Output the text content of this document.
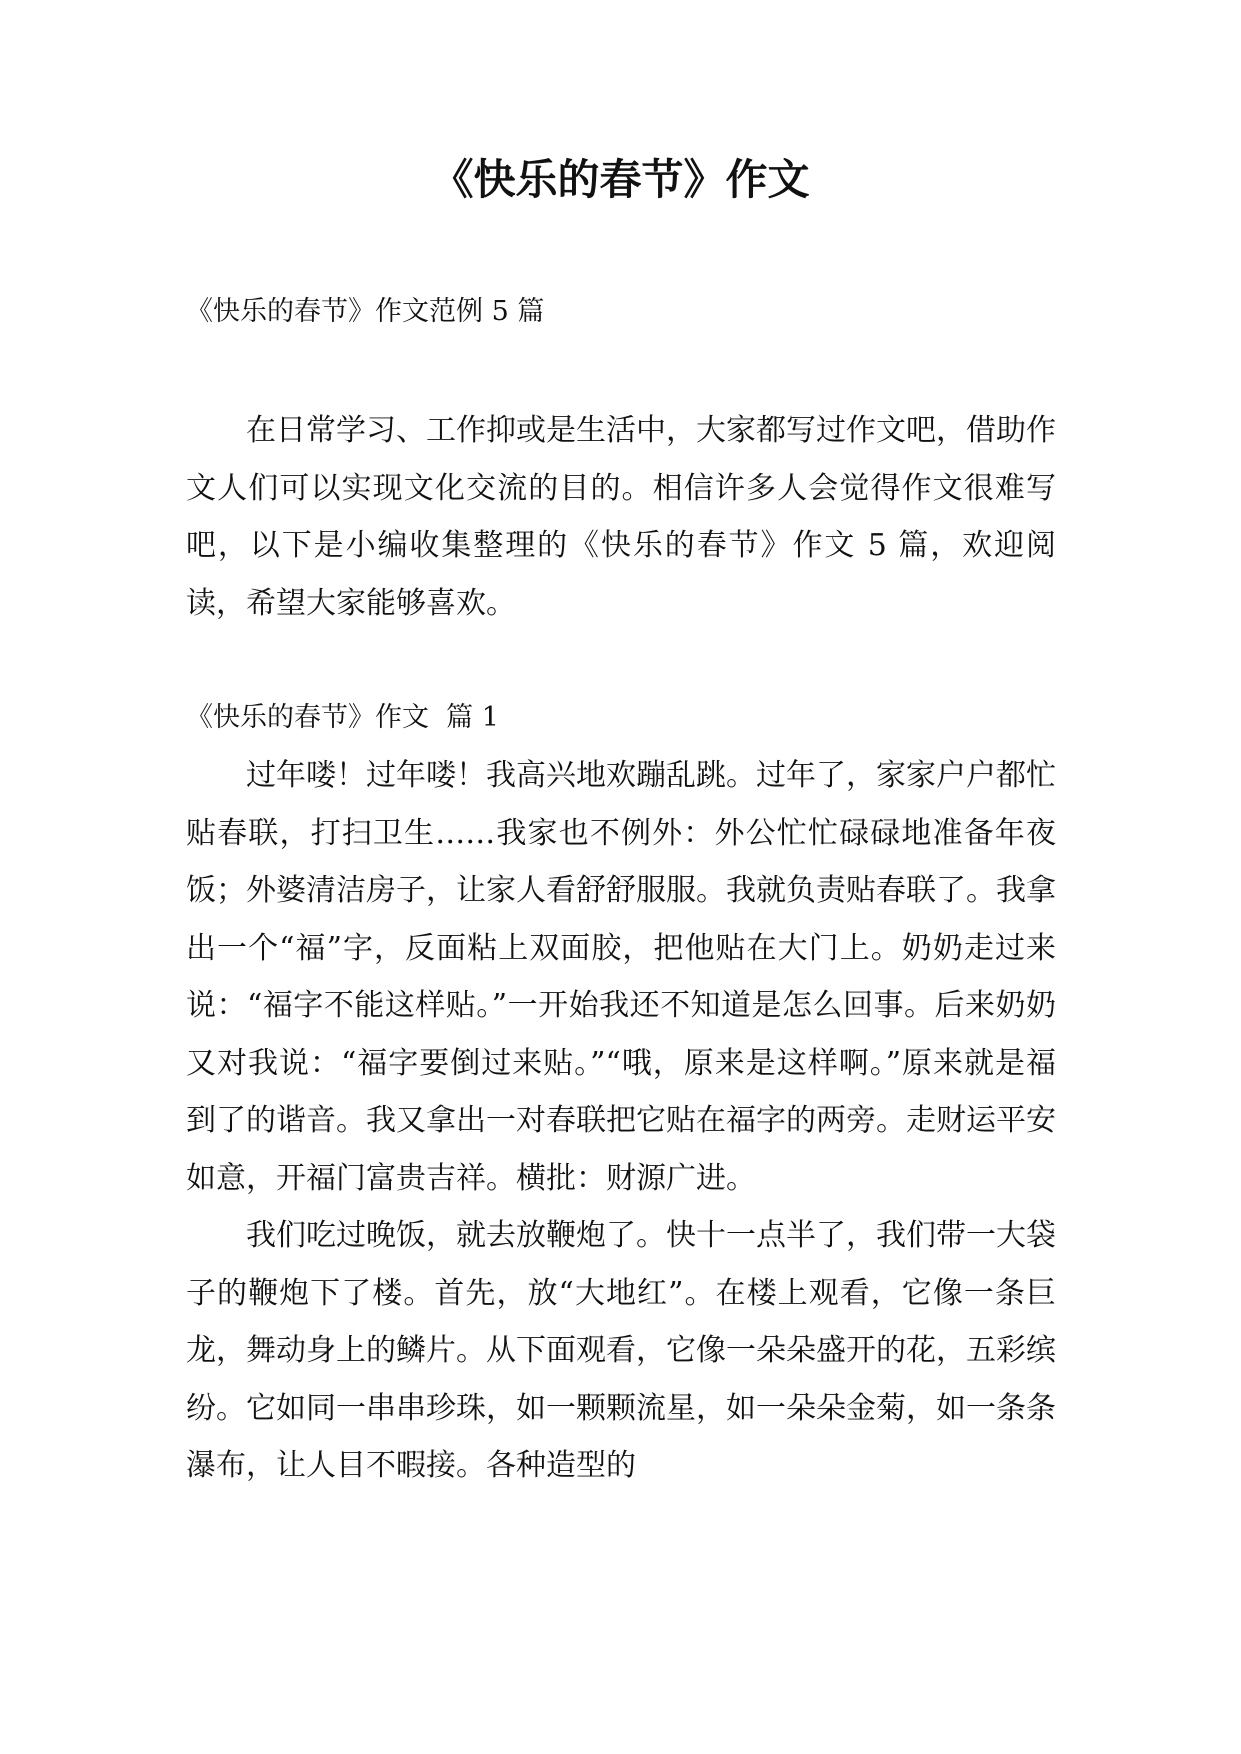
《快乐的春节》作文
《快乐的春节》作文范例 5 篇

在日常学习、工作抑或是生活中，大家都写过作文吧，借助作文人们可以实现文化交流的目的。相信许多人会觉得作文很难写吧，以下是小编收集整理的《快乐的春节》作文 5 篇，欢迎阅读，希望大家能够喜欢。

《快乐的春节》作文  篇 1

过年喽！过年喽！我高兴地欢蹦乱跳。过年了，家家户户都忙贴春联，打扫卫生……我家也不例外：外公忙忙碌碌地准备年夜饭；外婆清洁房子，让家人看舒舒服服。我就负责贴春联了。我拿出一个“福”字，反面粘上双面胶，把他贴在大门上。奶奶走过来说：“福字不能这样贴。”一开始我还不知道是怎么回事。后来奶奶又对我说：“福字要倒过来贴。”“哦，原来是这样啊。”原来就是福到了的谐音。我又拿出一对春联把它贴在福字的两旁。走财运平安如意，开福门富贵吉祥。横批：财源广进。

我们吃过晚饭，就去放鞭炮了。快十一点半了，我们带一大袋子的鞭炮下了楼。首先，放“大地红”。在楼上观看，它像一条巨龙，舞动身上的鳞片。从下面观看，它像一朵朵盛开的花，五彩缤纷。它如同一串串珍珠，如一颗颗流星，如一朵朵金菊，如一条条瀑布，让人目不暇接。各种造型的
